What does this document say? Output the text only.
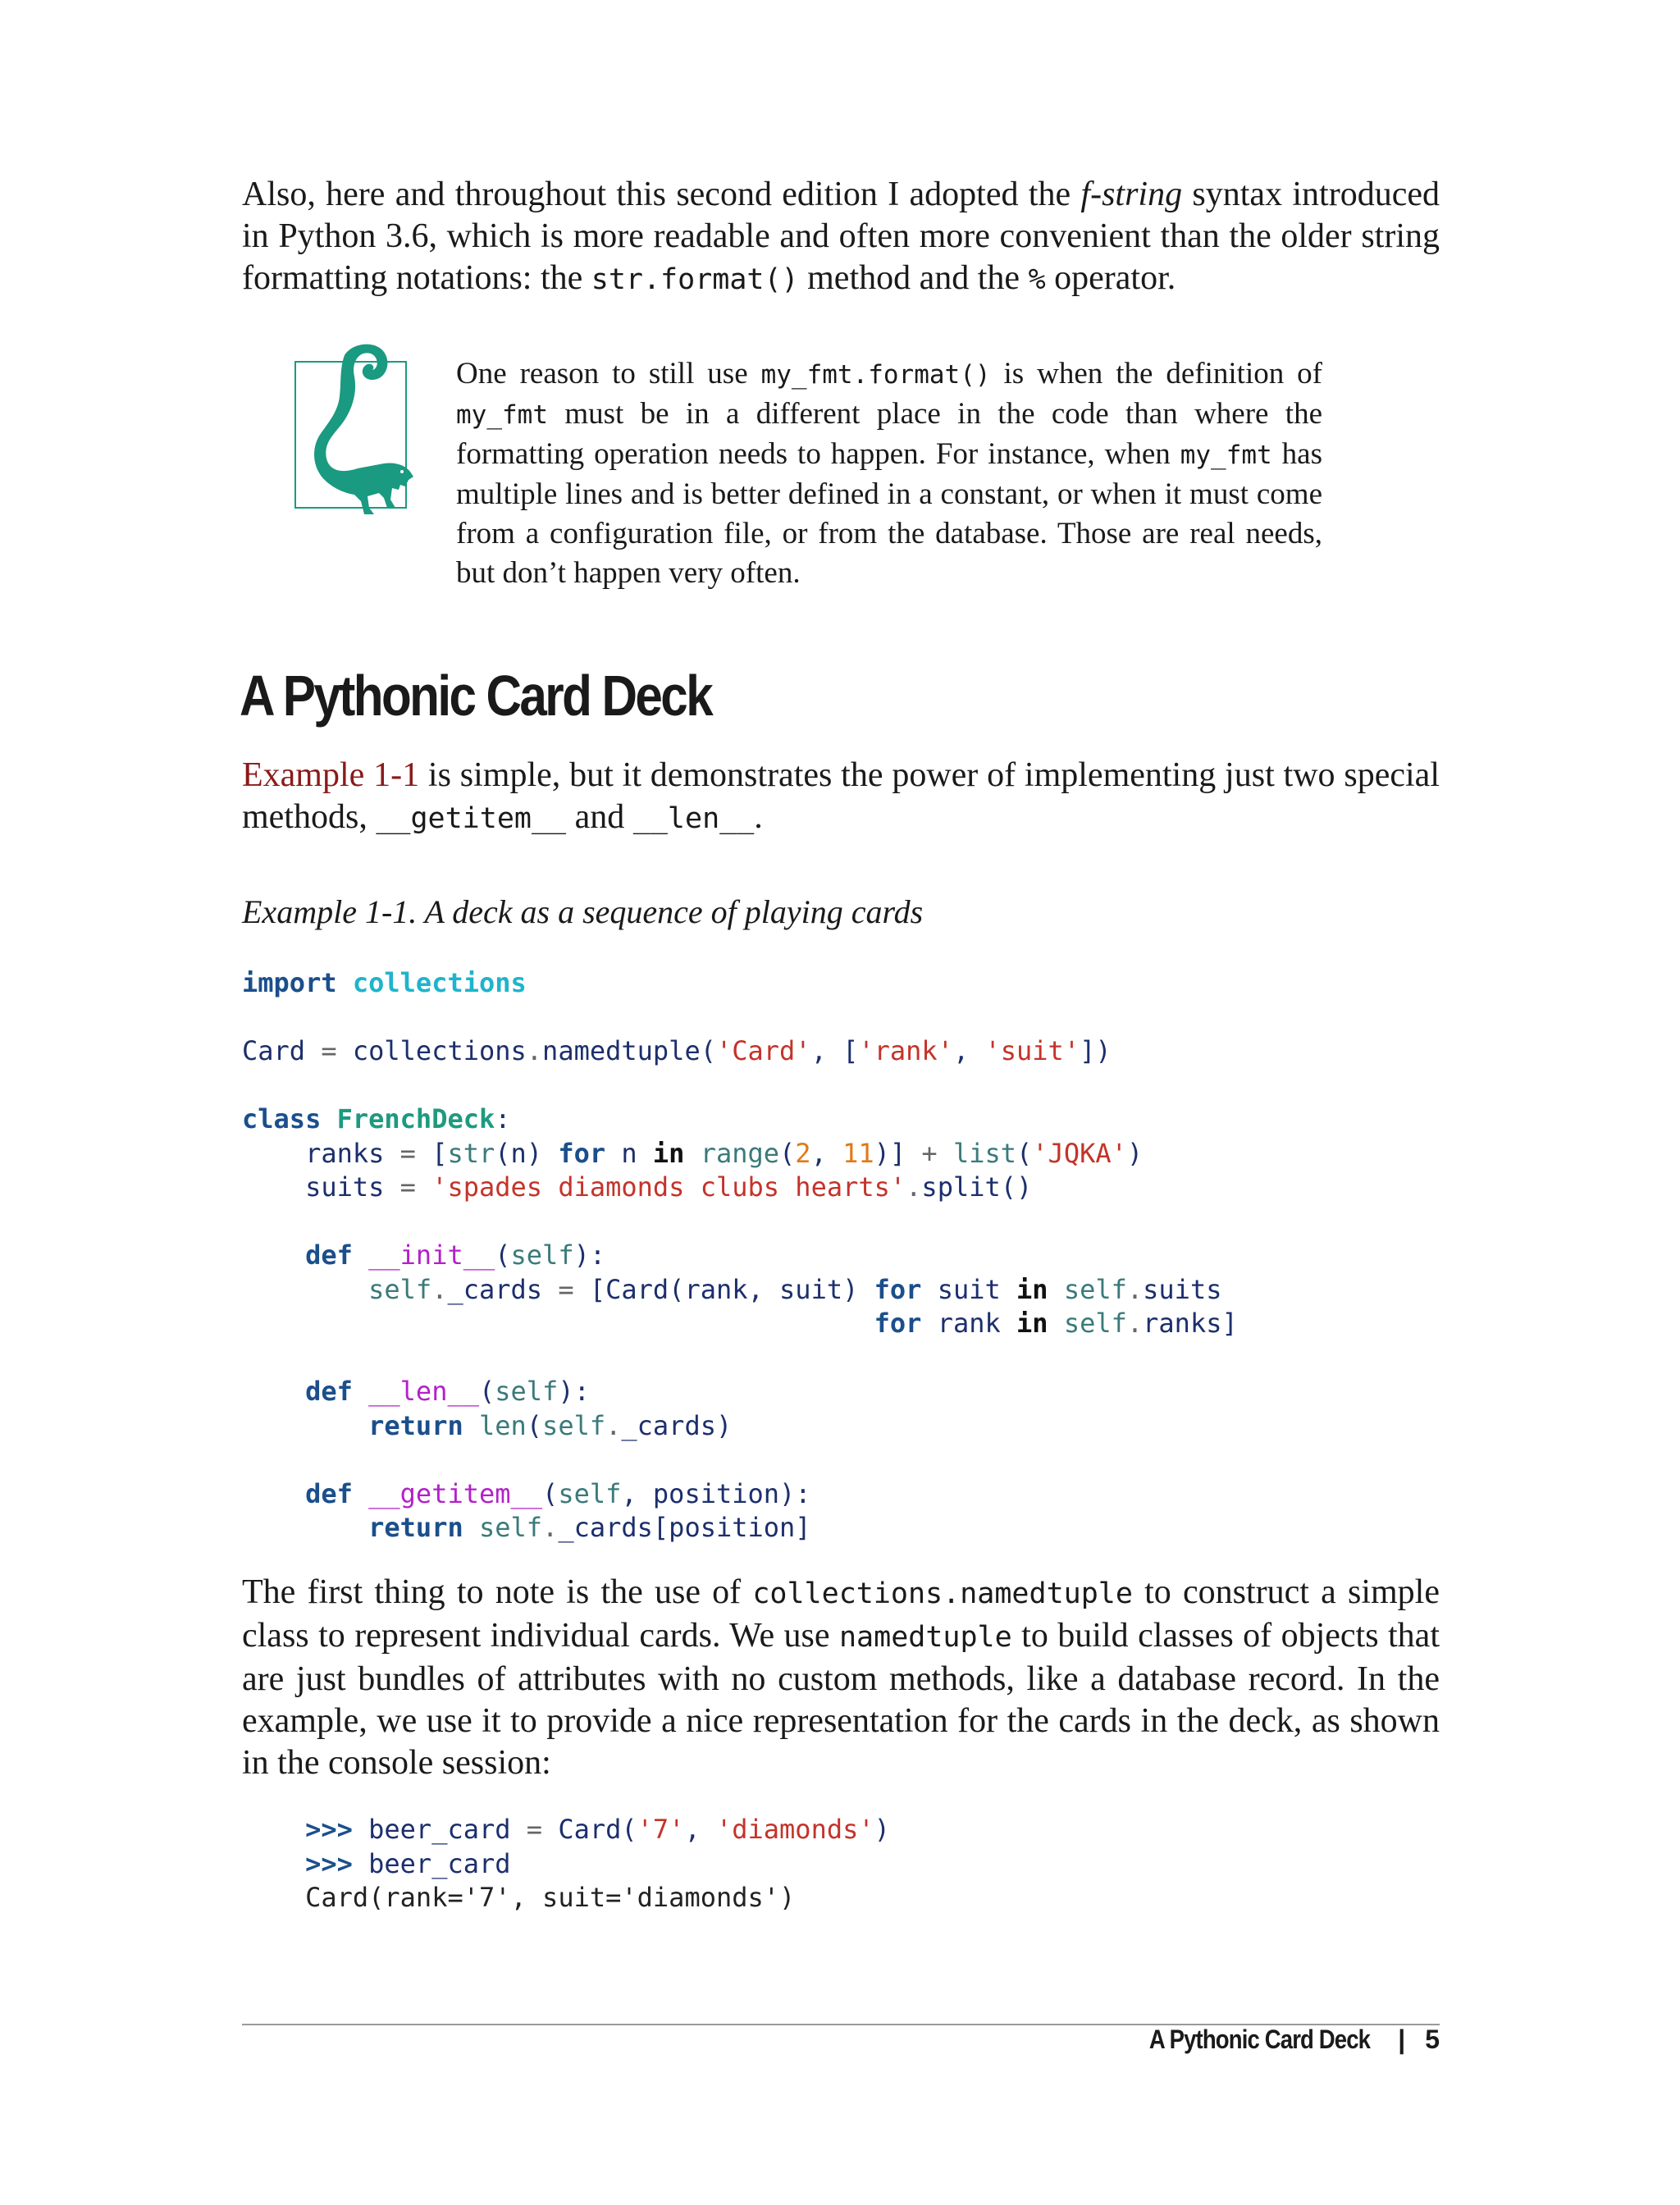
Also, here and throughout this second edition I adopted the f-string syntax introduced in Python 3.6, which is more readable and often more convenient than the older string formatting notations: the str.format() method and the % operator.

One reason to still use my_fmt.format() is when the definition of my_fmt must be in a different place in the code than where the formatting operation needs to happen. For instance, when my_fmt has multiple lines and is better defined in a constant, or when it must come from a configuration file, or from the database. Those are real needs, but don’t happen very often.

A Pythonic Card Deck

Example 1-1 is simple, but it demonstrates the power of implementing just two special methods, __getitem__ and __len__.

Example 1-1. A deck as a sequence of playing cards
import collections

Card = collections.namedtuple('Card', ['rank', 'suit'])

class FrenchDeck:
ranks = [str(n) for n in range(2, 11)] + list('JQKA')
suits = 'spades diamonds clubs hearts'.split()

def __init__(self):
self._cards = [Card(rank, suit) for suit in self.suits
for rank in self.ranks]

def __len__(self):
return len(self._cards)

def __getitem__(self, position):
return self._cards[position]

The first thing to note is the use of collections.namedtuple to construct a simple class to represent individual cards. We use namedtuple to build classes of objects that are just bundles of attributes with no custom methods, like a database record. In the example, we use it to provide a nice representation for the cards in the deck, as shown in the console session:

>>> beer_card = Card('7', 'diamonds')
>>> beer_card
Card(rank='7', suit='diamonds')
A Pythonic Card Deck | 5
